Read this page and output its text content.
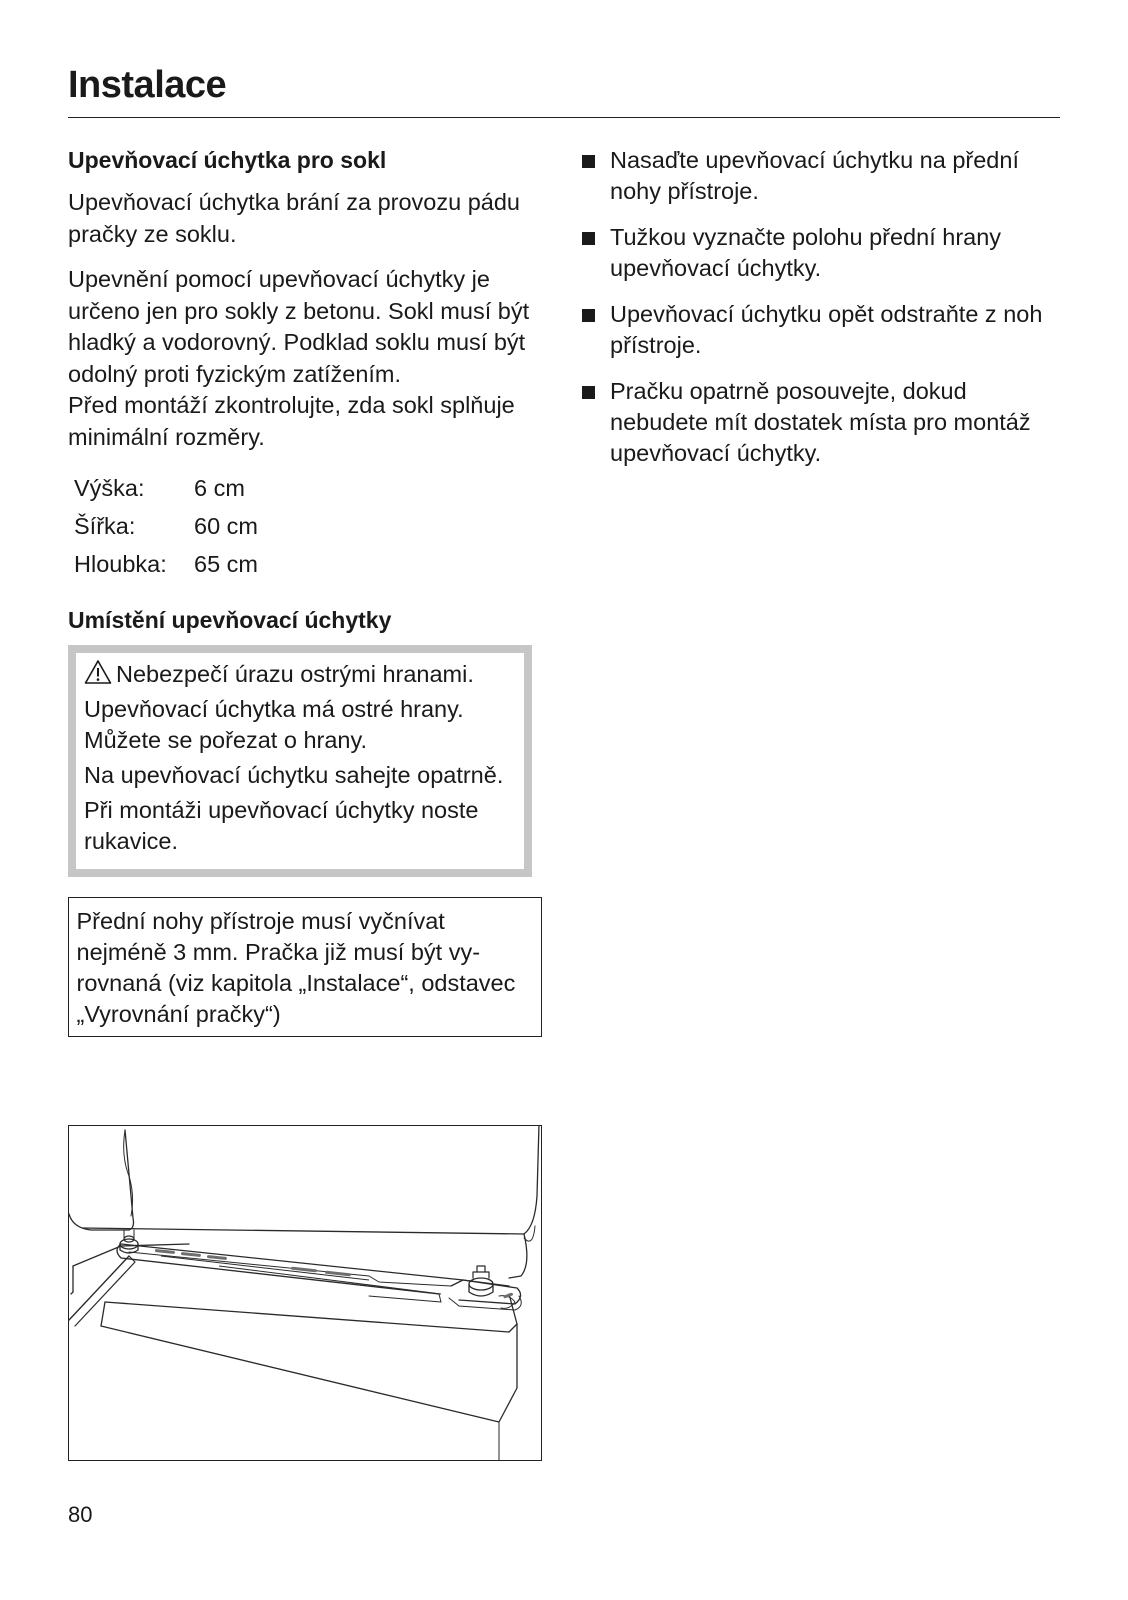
Instalace
Upevňovací úchytka pro sokl

Upevňovací úchytka brání za provozu pádu pračky ze soklu.

Upevnění pomocí upevňovací úchytky je určeno jen pro sokly z betonu. Sokl musí být hladký a vodorovný. Podklad soklu musí být odolný proti fyzickým zatížením.

Před montáží zkontrolujte, zda sokl splňuje minimální rozměry.

Výška:	6 cm
Šířka:	60 cm
Hloubka:	65 cm
Umístění upevňovací úchytky

Nebezpečí úrazu ostrými hranami.

Upevňovací úchytka má ostré hrany. Můžete se pořezat o hrany.

Na upevňovací úchytku sahejte opatrně.

Při montáži upevňovací úchytky noste rukavice.

Přední nohy přístroje musí vyčnívat nejméně 3 mm. Pračka již musí být vyrovnaná (viz kapitola „Instalace“, odstavec „Vyrovnání pračky“)

Nasaďte upevňovací úchytku na přední nohy přístroje.
Tužkou vyznačte polohu přední hrany upevňovací úchytky.
Upevňovací úchytku opět odstraňte z noh přístroje.
Pračku opatrně posouvejte, dokud nebudete mít dostatek místa pro montáž upevňovací úchytky.
80
